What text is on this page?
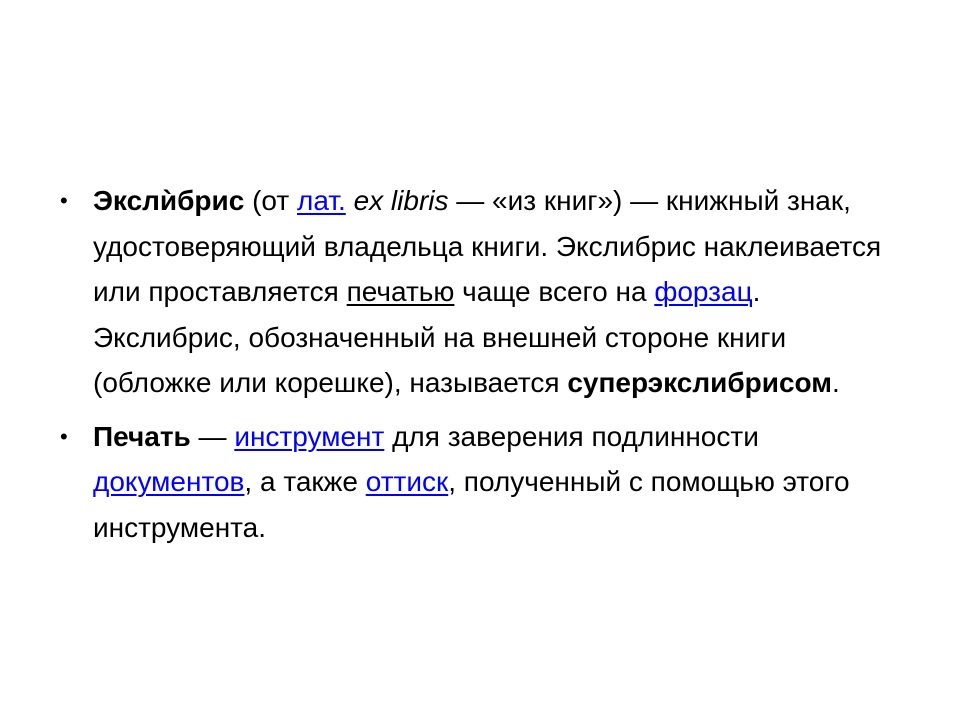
• Экслѝбрис (от лат. ex libris — «из книг») — книжный знак, удостоверяющий владельца книги. Экслибрис наклеивается или проставляется печатью чаще всего на форзац. Экслибрис, обозначенный на внешней стороне книги (обложке или корешке), называется суперэкслибрисом.
• Печать — инструмент для заверения подлинности документов, а также оттиск, полученный с помощью этого инструмента.
